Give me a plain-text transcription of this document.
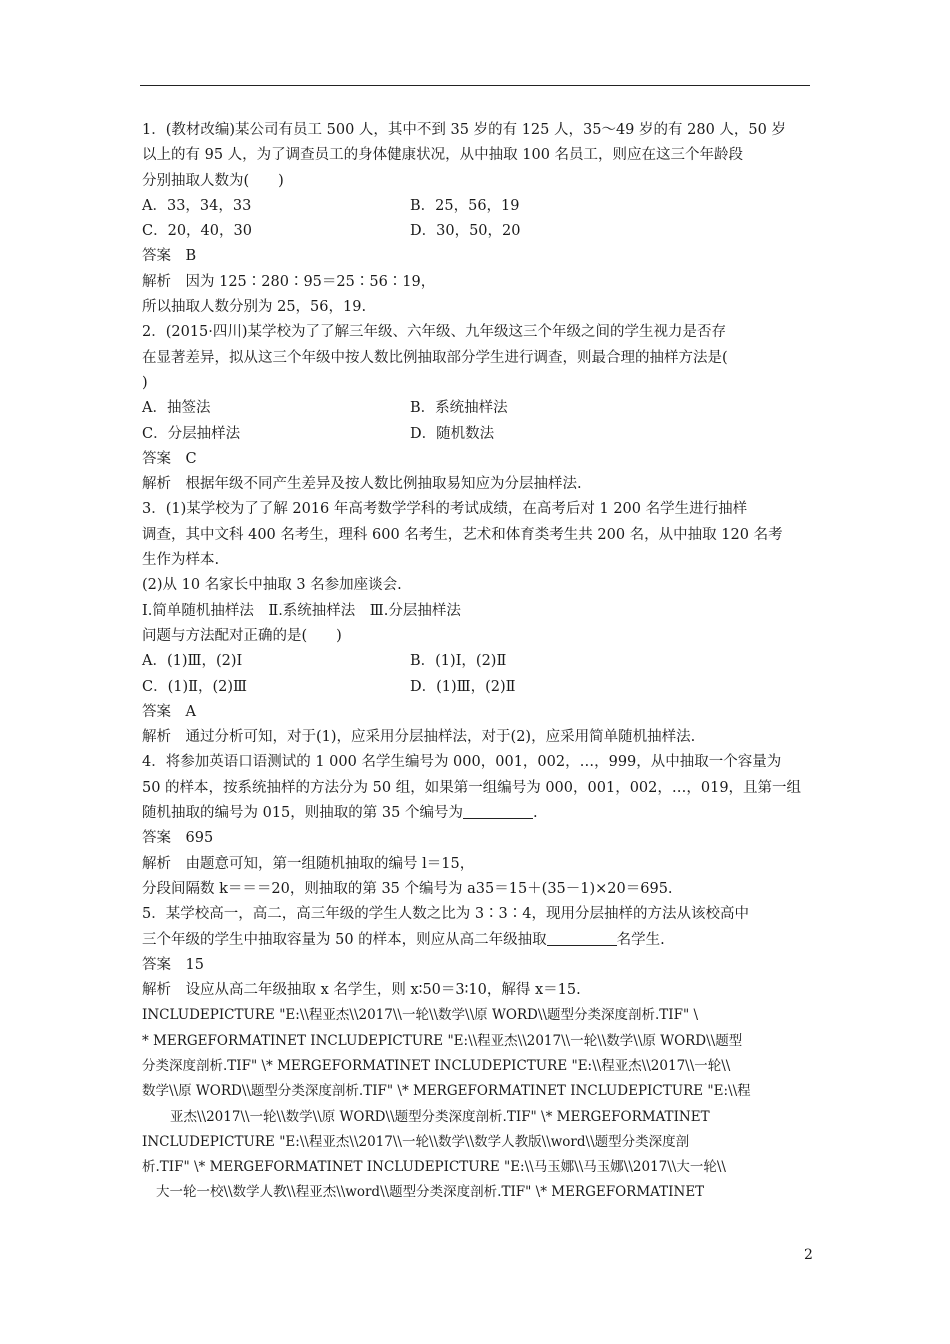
1．(教材改编)某公司有员工 500 人，其中不到 35 岁的有 125 人，35～49 岁的有 280 人，50 岁
以上的有 95 人，为了调查员工的身体健康状况，从中抽取 100 名员工，则应在这三个年龄段
分别抽取人数为(　　)
A．33，34，33	B．25，56，19
C．20，40，30	D．30，50，20
答案　B
解析　因为 125∶280∶95＝25∶56∶19，
所以抽取人数分别为 25，56，19.
2．(2015·四川)某学校为了了解三年级、六年级、九年级这三个年级之间的学生视力是否存
在显著差异，拟从这三个年级中按人数比例抽取部分学生进行调查，则最合理的抽样方法是(
)
A．抽签法	B．系统抽样法
C．分层抽样法	D．随机数法
答案　C
解析　根据年级不同产生差异及按人数比例抽取易知应为分层抽样法.
3．(1)某学校为了了解 2016 年高考数学学科的考试成绩，在高考后对 1 200 名学生进行抽样
调查，其中文科 400 名考生，理科 600 名考生，艺术和体育类考生共 200 名，从中抽取 120 名考
生作为样本.
(2)从 10 名家长中抽取 3 名参加座谈会.
Ⅰ.简单随机抽样法　Ⅱ.系统抽样法　Ⅲ.分层抽样法
问题与方法配对正确的是(　　)
A．(1)Ⅲ，(2)Ⅰ	B．(1)Ⅰ，(2)Ⅱ
C．(1)Ⅱ，(2)Ⅲ	D．(1)Ⅲ，(2)Ⅱ
答案　A
解析　通过分析可知，对于(1)，应采用分层抽样法，对于(2)，应采用简单随机抽样法.
4．将参加英语口语测试的 1 000 名学生编号为 000，001，002，…，999，从中抽取一个容量为
50 的样本，按系统抽样的方法分为 50 组，如果第一组编号为 000，001，002，…，019，且第一组
随机抽取的编号为 015，则抽取的第 35 个编号为	.
答案　695
解析　由题意可知，第一组随机抽取的编号 l＝15，
分段间隔数 k＝＝＝20，则抽取的第 35 个编号为 a35＝15＋(35－1)×20＝695.
5．某学校高一，高二，高三年级的学生人数之比为 3∶3∶4，现用分层抽样的方法从该校高中
三个年级的学生中抽取容量为 50 的样本，则应从高二年级抽取	名学生.
答案　15
解析　设应从高二年级抽取 x 名学生，则 x∶50＝3∶10，解得 x＝15.
INCLUDEPICTURE "E:\\程亚杰\\2017\\一轮\\数学\\原 WORD\\题型分类深度剖析.TIF" \
* MERGEFORMATINET INCLUDEPICTURE "E:\\程亚杰\\2017\\一轮\\数学\\原 WORD\\题型
分类深度剖析.TIF" \* MERGEFORMATINET INCLUDEPICTURE "E:\\程亚杰\\2017\\一轮\\
数学\\原 WORD\\题型分类深度剖析.TIF" \* MERGEFORMATINET INCLUDEPICTURE "E:\\程
亚杰\\2017\\一轮\\数学\\原 WORD\\题型分类深度剖析.TIF" \* MERGEFORMATINET
INCLUDEPICTURE "E:\\程亚杰\\2017\\一轮\\数学\\数学人教版\\word\\题型分类深度剖
析.TIF" \* MERGEFORMATINET INCLUDEPICTURE "E:\\马玉娜\\马玉娜\\2017\\大一轮\\
大一轮一校\\数学人教\\程亚杰\\word\\题型分类深度剖析.TIF" \* MERGEFORMATINET
2
